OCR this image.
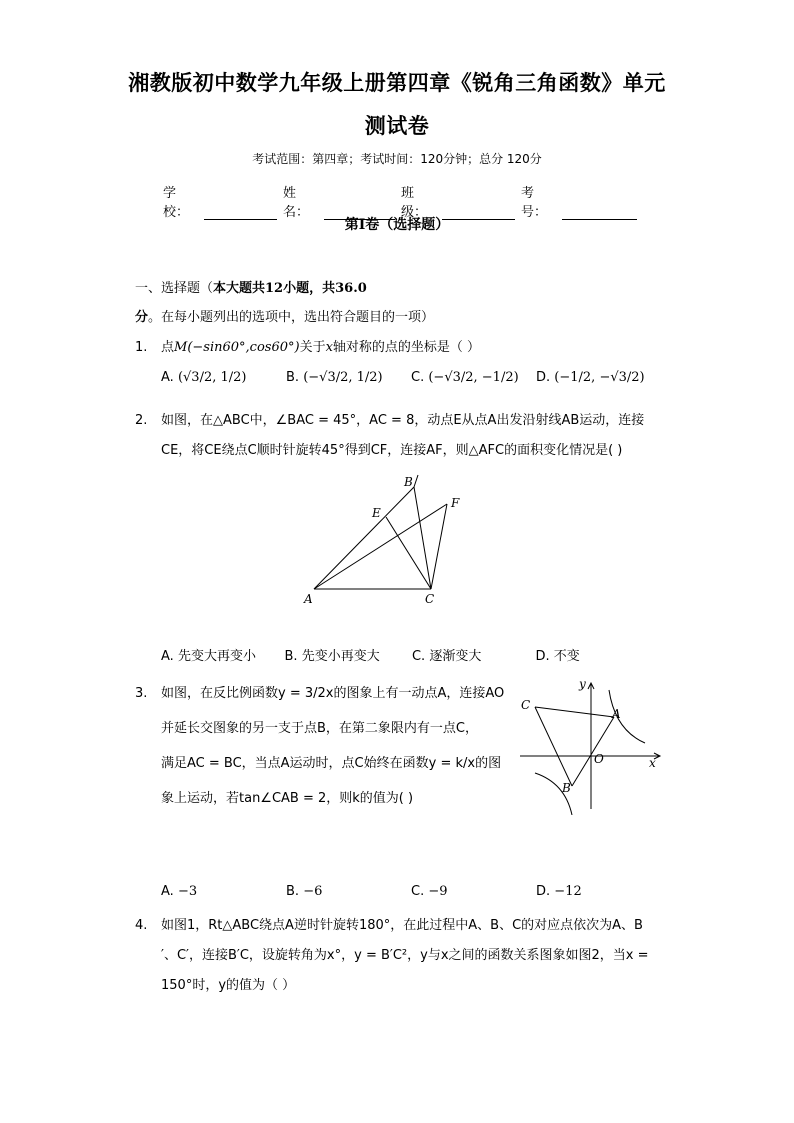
湘教版初中数学九年级上册第四章《锐角三角函数》单元
测试卷
考试范围：第四章；考试时间：120分钟；总分 120分
学校：
姓名：
班级：
考号：
第Ⅰ卷（选择题）
一、选择题（本大题共12小题，共36.0分。在每小题列出的选项中，选出符合题目的一项）
1.	点M(−sin60°,cos60°)关于x轴对称的点的坐标是（ ）
A. (√3/2, 1/2)	B. (−√3/2, 1/2)	C. (−√3/2, −1/2)	D. (−1/2, −√3/2)
2.	如图，在△ABC中，∠BAC = 45°，AC = 8，动点E从点A出发沿射线AB运动，连接
CE，将CE绕点C顺时针旋转45°得到CF，连接AF，则△AFC的面积变化情况是( )
A
B
C
E
F
A. 先变大再变小	B. 先变小再变大	C. 逐渐变大	D. 不变
3.	如图，在反比例函数y = 3/2x的图象上有一动点A，连接AO
并延长交图象的另一支于点B，在第二象限内有一点C，
满足AC = BC，当点A运动时，点C始终在函数y = k/x的图
象上运动，若tan∠CAB = 2，则k的值为( )
C
A
B
O	x
y
A. −3	B. −6	C. −9	D. −12
4.	如图1，Rt△ABC绕点A逆时针旋转180°，在此过程中A、B、C的对应点依次为A、B
′、C′，连接B′C，设旋转角为x°，y = B′C²，y与x之间的函数关系图象如图2，当x =
150°时，y的值为（ ）
